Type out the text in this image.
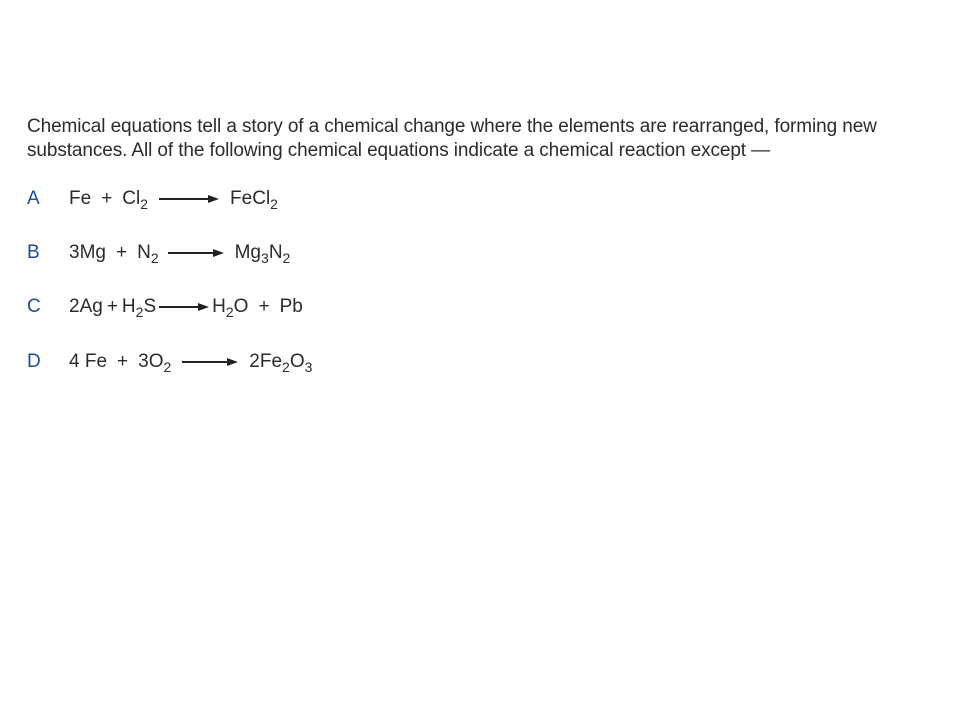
Chemical equations tell a story of a chemical change where the elements are rearranged, forming new

substances. All of the following chemical equations indicate a chemical reaction except —

A $Fe + Cl_2$ → FeCl$_2$
B $3Mg + N_2 \to Mg_3N_2$
C $2Ag + H_2S \to H_2O + Pb$
D 4 $Fe + 3O_2 \to 2Fe_2O_3$
